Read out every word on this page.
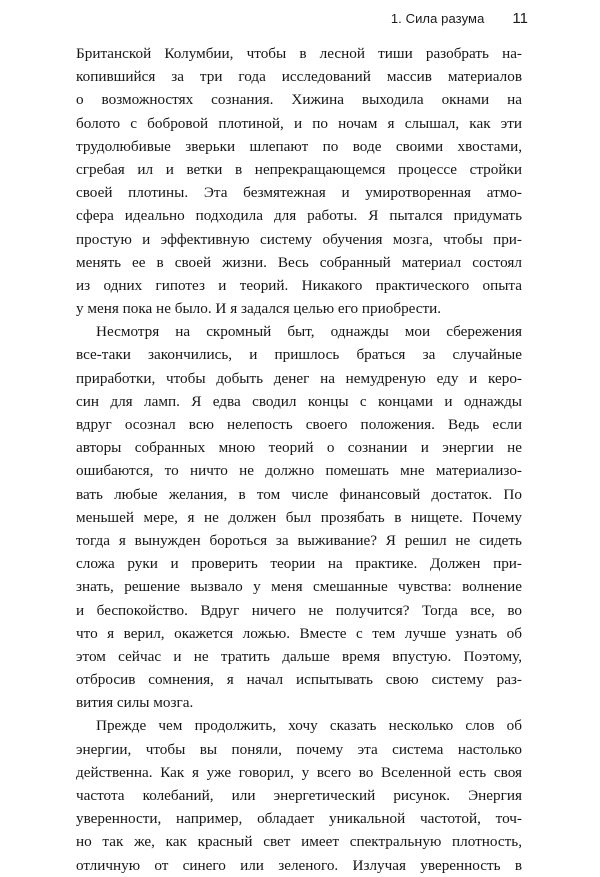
1. Сила разума 11

Британской Колумбии, чтобы в лесной тиши разобрать на-
копившийся за три года исследований массив материалов
о возможностях сознания. Хижина выходила окнами на
болото с бобровой плотиной, и по ночам я слышал, как эти
трудолюбивые зверьки шлепают по воде своими хвостами,
сгребая ил и ветки в непрекращающемся процессе стройки
своей плотины. Эта безмятежная и умиротворенная атмо-
сфера идеально подходила для работы. Я пытался придумать
простую и эффективную систему обучения мозга, чтобы при-
менять ее в своей жизни. Весь собранный материал состоял
из одних гипотез и теорий. Никакого практического опыта
у меня пока не было. И я задался целью его приобрести.

Несмотря на скромный быт, однажды мои сбережения
все-таки закончились, и пришлось браться за случайные
приработки, чтобы добыть денег на немудреную еду и керо-
син для ламп. Я едва сводил концы с концами и однажды
вдруг осознал всю нелепость своего положения. Ведь если
авторы собранных мною теорий о сознании и энергии не
ошибаются, то ничто не должно помешать мне материализо-
вать любые желания, в том числе финансовый достаток. По
меньшей мере, я не должен был прозябать в нищете. Почему
тогда я вынужден бороться за выживание? Я решил не сидеть
сложа руки и проверить теории на практике. Должен при-
знать, решение вызвало у меня смешанные чувства: волнение
и беспокойство. Вдруг ничего не получится? Тогда все, во
что я верил, окажется ложью. Вместе с тем лучше узнать об
этом сейчас и не тратить дальше время впустую. Поэтому,
отбросив сомнения, я начал испытывать свою систему раз-
вития силы мозга.

Прежде чем продолжить, хочу сказать несколько слов об
энергии, чтобы вы поняли, почему эта система настолько
действенна. Как я уже говорил, у всего во Вселенной есть своя
частота колебаний, или энергетический рисунок. Энергия
уверенности, например, обладает уникальной частотой, точ-
но так же, как красный свет имеет спектральную плотность,
отличную от синего или зеленого. Излучая уверенность в
